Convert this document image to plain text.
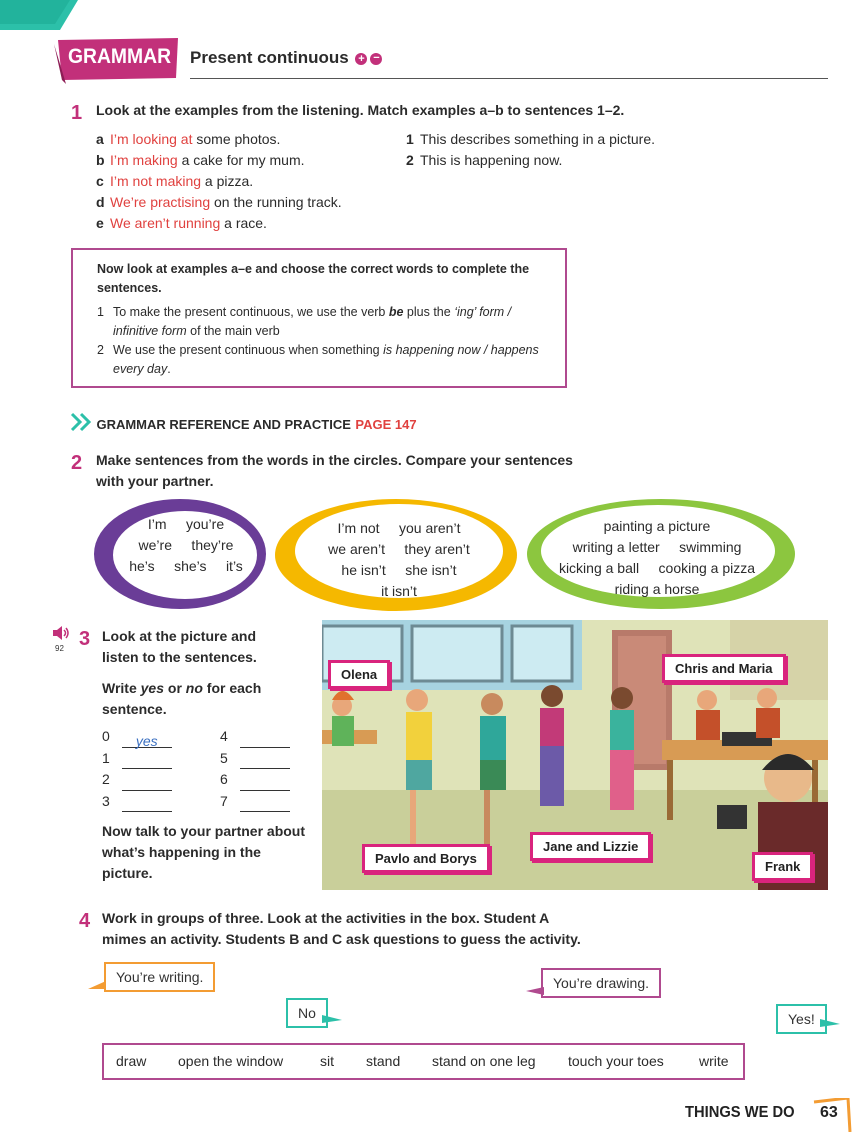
GRAMMAR Present continuous + −
1 Look at the examples from the listening. Match examples a–b to sentences 1–2.
a I’m looking at some photos.
b I’m making a cake for my mum.
c I’m not making a pizza.
d We’re practising on the running track.
e We aren’t running a race.
1 This describes something in a picture.
2 This is happening now.
Now look at examples a–e and choose the correct words to complete the sentences.
1 To make the present continuous, we use the verb be plus the ‘ing’ form / infinitive form of the main verb
2 We use the present continuous when something is happening now / happens every day.
GRAMMAR REFERENCE AND PRACTICE PAGE 147
2 Make sentences from the words in the circles. Compare your sentences with your partner.
I’m     you’re
we’re     they’re
he’s     she’s     it’s
I’m not     you aren’t
we aren’t     they aren’t
he isn’t     she isn’t
it isn’t
painting a picture
writing a letter     swimming
kicking a ball     cooking a pizza
riding a horse
92 3 Look at the picture and listen to the sentences.
Write yes or no for each sentence.
0 yes
1
2
3
4
5
6
7
Now talk to your partner about what’s happening in the picture.
Olena	Chris and Maria
Pavlo and Borys
Jane and Lizzie
Frank
4 Work in groups of three. Look at the activities in the box. Student A mimes an activity. Students B and C ask questions to guess the activity.
You’re writing.	You’re drawing.
No	Yes!
draw open the window	sit stand stand on one leg touch your toes	write
THINGS WE DO 63
